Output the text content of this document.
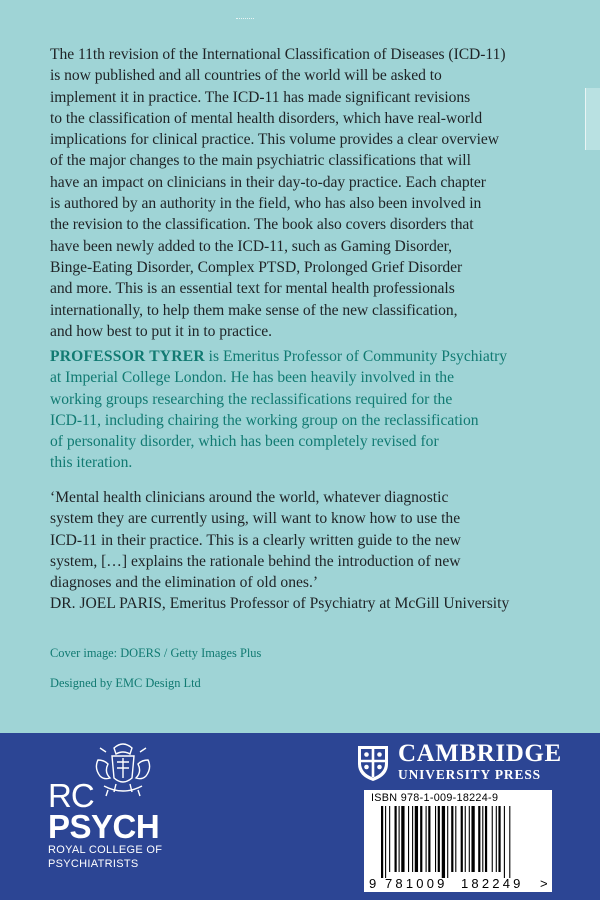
The 11th revision of the International Classification of Diseases (ICD-11)
is now published and all countries of the world will be asked to
implement it in practice. The ICD-11 has made significant revisions
to the classification of mental health disorders, which have real-world
implications for clinical practice. This volume provides a clear overview
of the major changes to the main psychiatric classifications that will
have an impact on clinicians in their day-to-day practice. Each chapter
is authored by an authority in the field, who has also been involved in
the revision to the classification. The book also covers disorders that
have been newly added to the ICD-11, such as Gaming Disorder,
Binge-Eating Disorder, Complex PTSD, Prolonged Grief Disorder
and more. This is an essential text for mental health professionals
internationally, to help them make sense of the new classification,
and how best to put it in to practice.
PROFESSOR TYRER is Emeritus Professor of Community Psychiatry
at Imperial College London. He has been heavily involved in the
working groups researching the reclassifications required for the
ICD-11, including chairing the working group on the reclassification
of personality disorder, which has been completely revised for
this iteration.
‘Mental health clinicians around the world, whatever diagnostic
system they are currently using, will want to know how to use the
ICD-11 in their practice. This is a clearly written guide to the new
system, […] explains the rationale behind the introduction of new
diagnoses and the elimination of old ones.’
DR. JOEL PARIS, Emeritus Professor of Psychiatry at McGill University
Cover image: DOERS / Getty Images Plus
Designed by EMC Design Ltd
RC
PSYCH
ROYAL COLLEGE OF
PSYCHIATRISTS
CAMBRIDGE
UNIVERSITY PRESS
ISBN 978-1-009-18224-9
9 781009 182249 >
